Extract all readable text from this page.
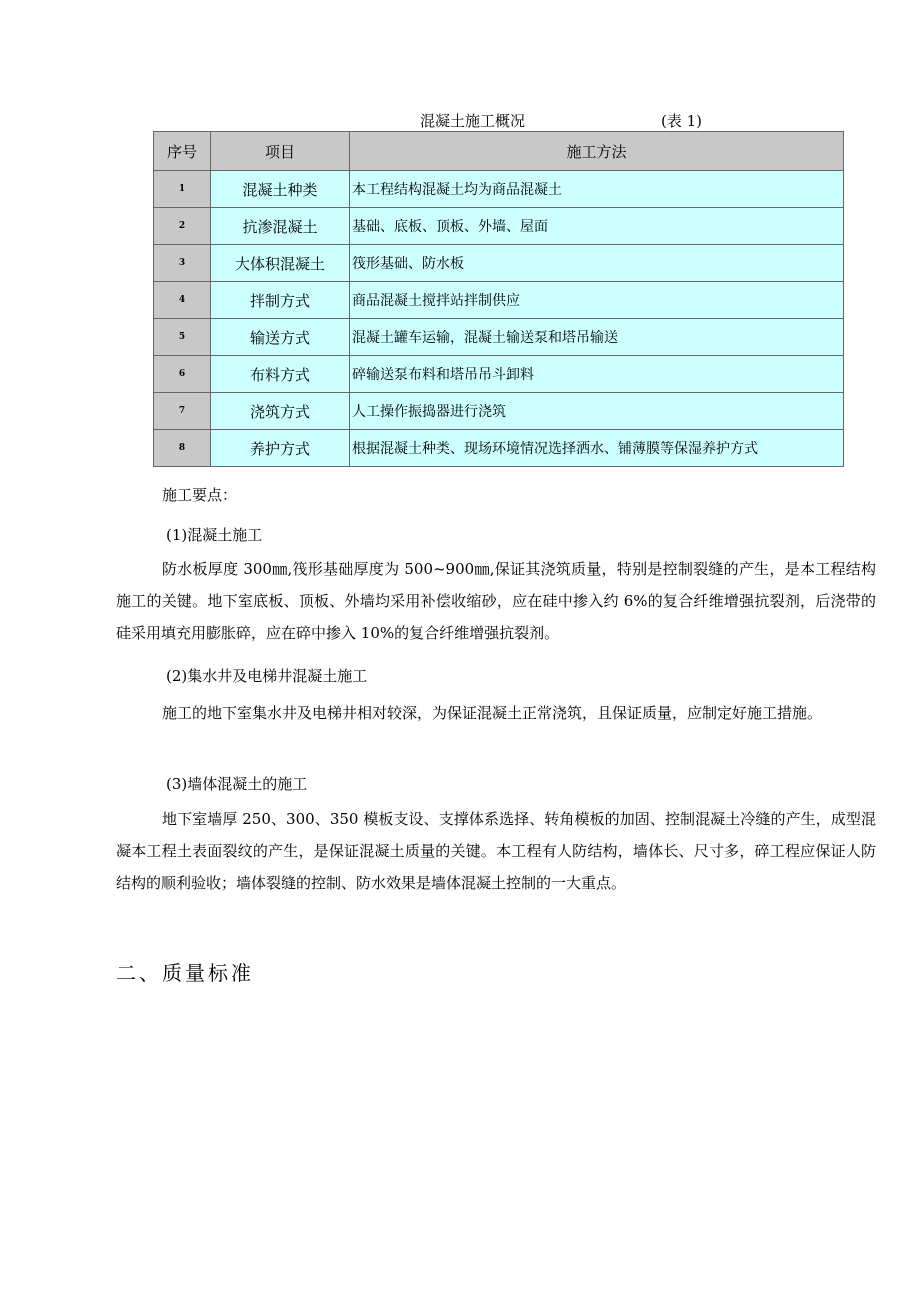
混凝土施工概况	(表 1)
序号	项目	施工方法
1	混凝土种类	本工程结构混凝土均为商品混凝土
2	抗渗混凝土	基础、底板、顶板、外墙、屋面
3	大体积混凝土	筏形基础、防水板
4	拌制方式	商品混凝土搅拌站拌制供应
5	输送方式	混凝土罐车运输，混凝土输送泵和塔吊输送
6	布料方式	碎输送泵布料和塔吊吊斗卸料
7	浇筑方式	人工操作振捣器进行浇筑
8	养护方式	根据混凝土种类、现场环境情况选择洒水、铺薄膜等保湿养护方式
施工要点：
(1)混凝土施工
防水板厚度 300㎜,筏形基础厚度为 500~900㎜,保证其浇筑质量，特别是控制裂缝的产生，是本工程结构施工的关键。地下室底板、顶板、外墙均采用补偿收缩砂，应在硅中掺入约 6%的复合纤维增强抗裂剂，后浇带的硅采用填充用膨胀碎，应在碎中掺入 10%的复合纤维增强抗裂剂。
(2)集水井及电梯井混凝土施工
施工的地下室集水井及电梯井相对较深，为保证混凝土正常浇筑，且保证质量，应制定好施工措施。
(3)墙体混凝土的施工
地下室墙厚 250、300、350 模板支设、支撑体系选择、转角模板的加固、控制混凝土冷缝的产生，成型混凝本工程土表面裂纹的产生，是保证混凝土质量的关键。本工程有人防结构，墙体长、尺寸多，碎工程应保证人防结构的顺利验收；墙体裂缝的控制、防水效果是墙体混凝土控制的一大重点。
二、质量标准
